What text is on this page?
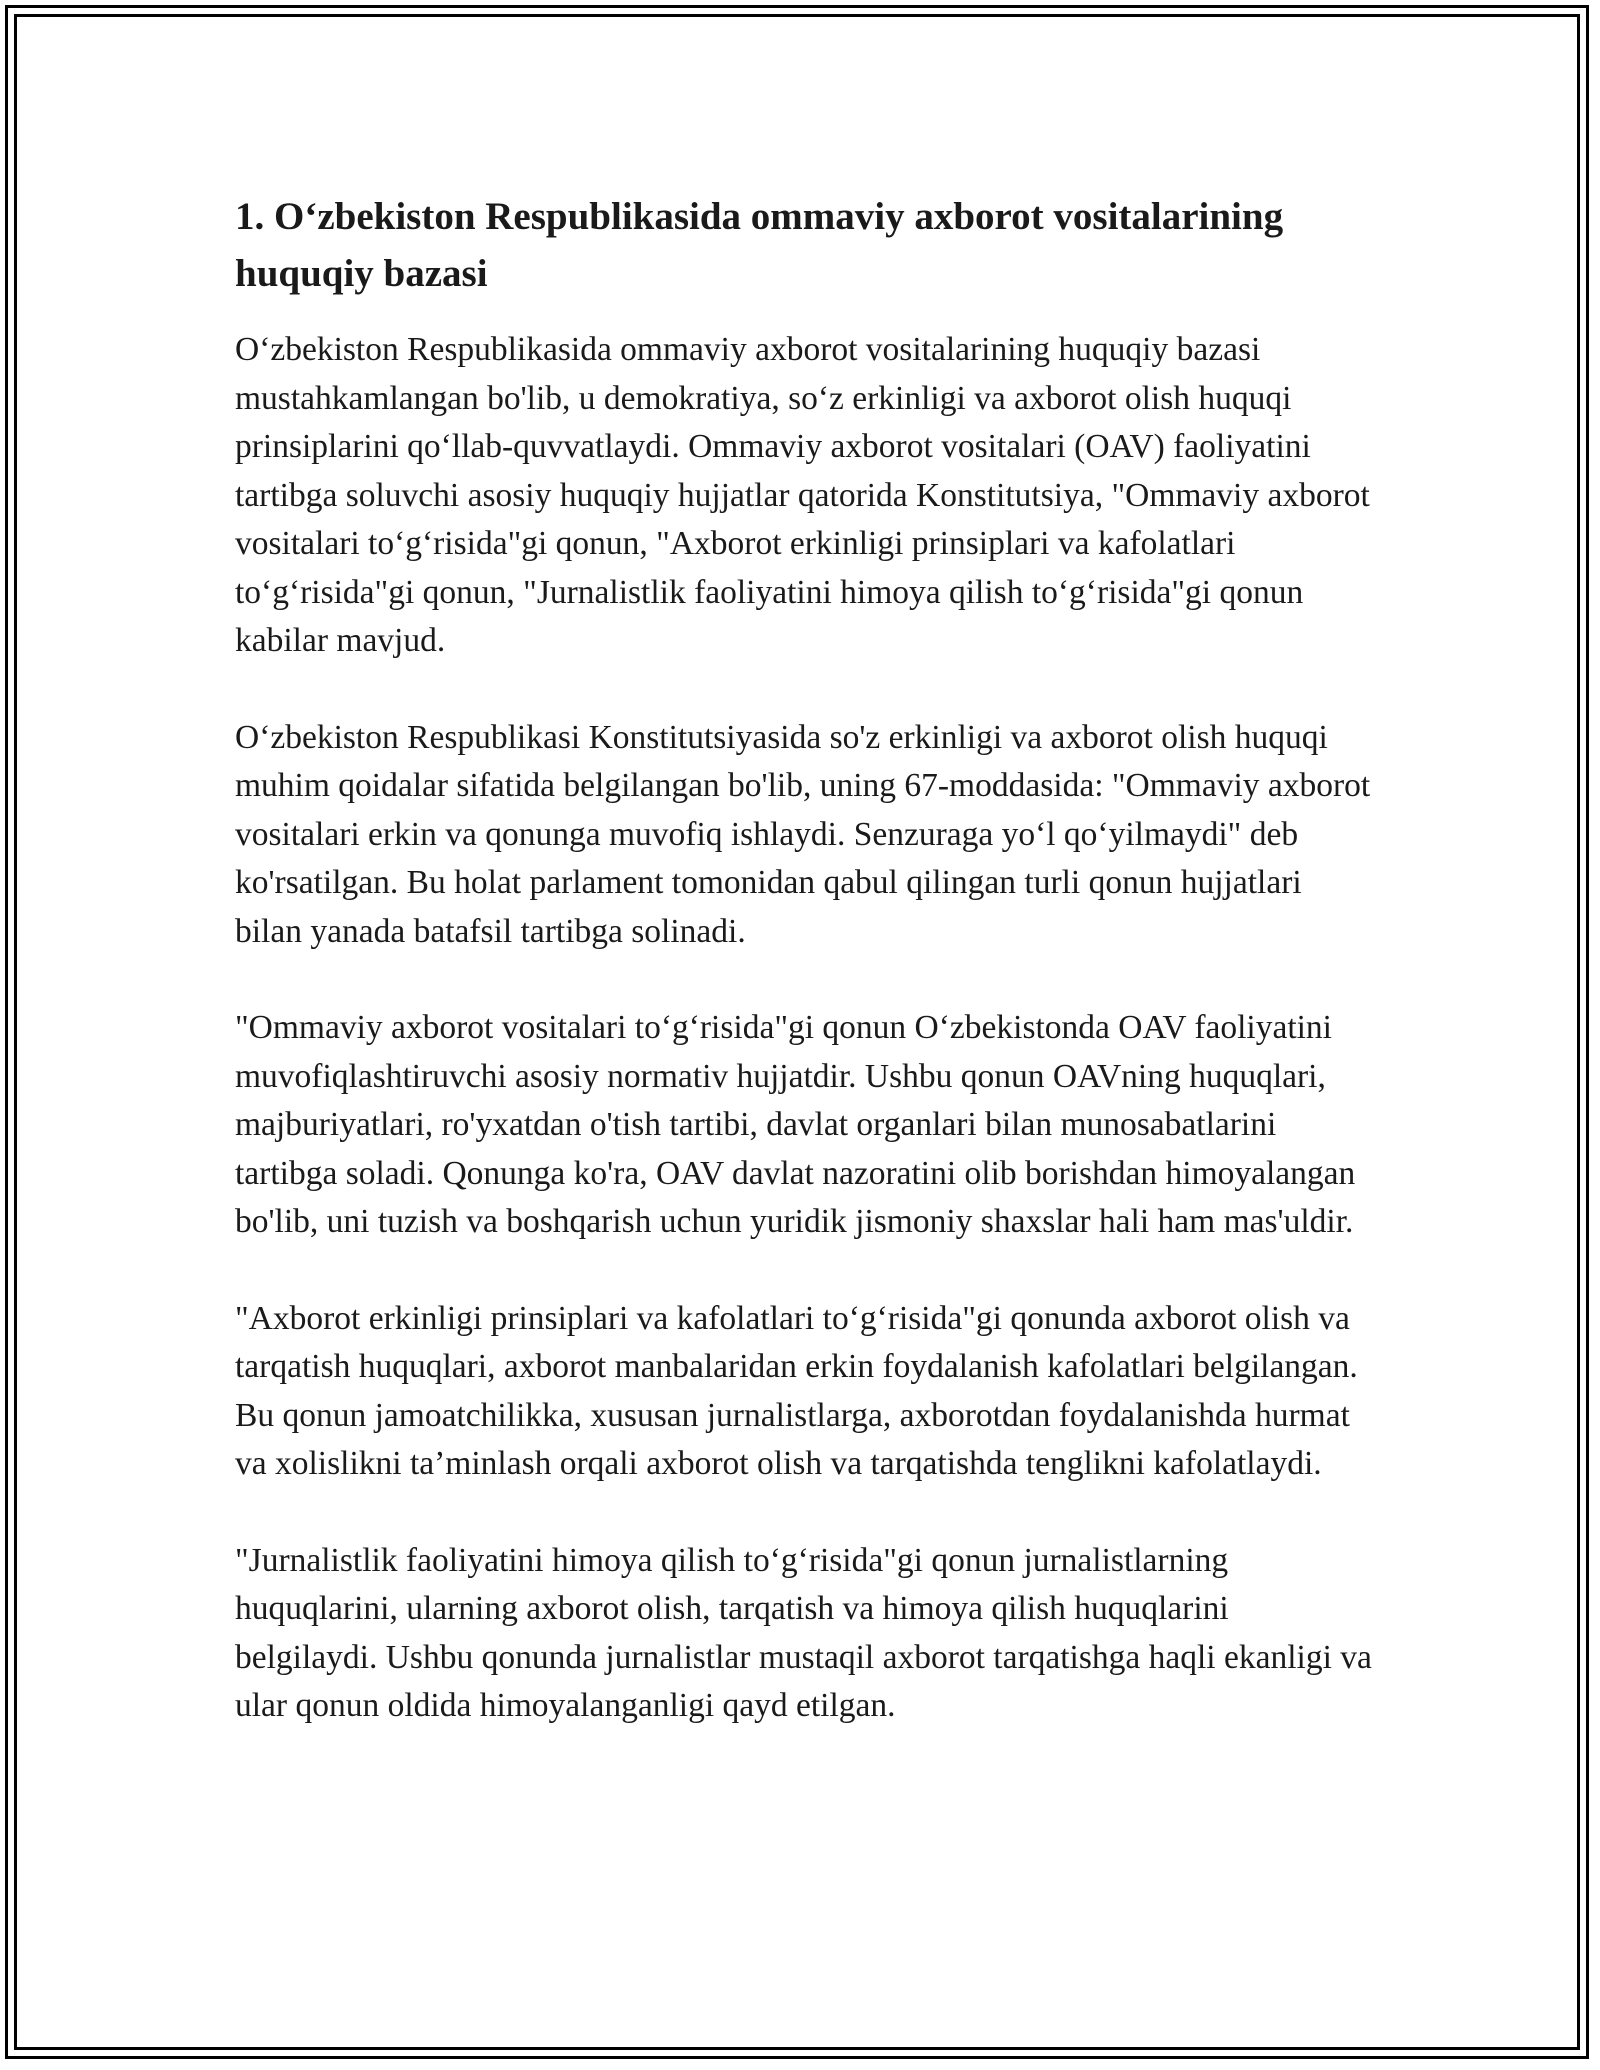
1. O‘zbekiston Respublikasida ommaviy axborot vositalarining huquqiy bazasi

O‘zbekiston Respublikasida ommaviy axborot vositalarining huquqiy bazasi mustahkamlangan bo'lib, u demokratiya, so‘z erkinligi va axborot olish huquqi prinsiplarini qo‘llab-quvvatlaydi. Ommaviy axborot vositalari (OAV) faoliyatini tartibga soluvchi asosiy huquqiy hujjatlar qatorida Konstitutsiya, "Ommaviy axborot vositalari to‘g‘risida"gi qonun, "Axborot erkinligi prinsiplari va kafolatlari to‘g‘risida"gi qonun, "Jurnalistlik faoliyatini himoya qilish to‘g‘risida"gi qonun kabilar mavjud.

O‘zbekiston Respublikasi Konstitutsiyasida so'z erkinligi va axborot olish huquqi muhim qoidalar sifatida belgilangan bo'lib, uning 67-moddasida: "Ommaviy axborot vositalari erkin va qonunga muvofiq ishlaydi. Senzuraga yo‘l qo‘yilmaydi" deb ko'rsatilgan. Bu holat parlament tomonidan qabul qilingan turli qonun hujjatlari bilan yanada batafsil tartibga solinadi.

"Ommaviy axborot vositalari to‘g‘risida"gi qonun O‘zbekistonda OAV faoliyatini muvofiqlashtiruvchi asosiy normativ hujjatdir. Ushbu qonun OAVning huquqlari, majburiyatlari, ro'yxatdan o'tish tartibi, davlat organlari bilan munosabatlarini tartibga soladi. Qonunga ko'ra, OAV davlat nazoratini olib borishdan himoyalangan bo'lib, uni tuzish va boshqarish uchun yuridik jismoniy shaxslar hali ham mas'uldir.

"Axborot erkinligi prinsiplari va kafolatlari to‘g‘risida"gi qonunda axborot olish va tarqatish huquqlari, axborot manbalaridan erkin foydalanish kafolatlari belgilangan. Bu qonun jamoatchilikka, xususan jurnalistlarga, axborotdan foydalanishda hurmat va xolislikni ta’minlash orqali axborot olish va tarqatishda tenglikni kafolatlaydi.

"Jurnalistlik faoliyatini himoya qilish to‘g‘risida"gi qonun jurnalistlarning huquqlarini, ularning axborot olish, tarqatish va himoya qilish huquqlarini belgilaydi. Ushbu qonunda jurnalistlar mustaqil axborot tarqatishga haqli ekanligi va ular qonun oldida himoyalanganligi qayd etilgan.
